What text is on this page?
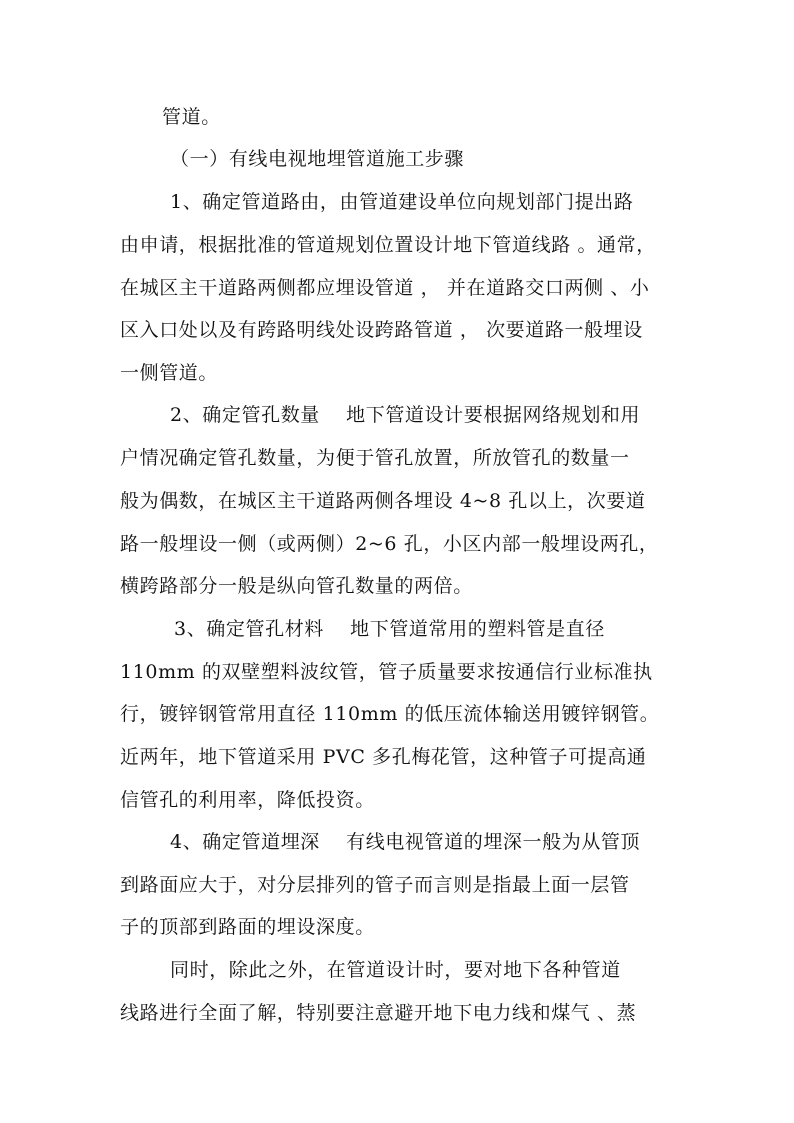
管道。
（一）有线电视地埋管道施工步骤
1、确定管道路由，由管道建设单位向规划部门提出路
由申请，根据批准的管道规划位置设计地下管道线路 。通常，
在城区主干道路两侧都应埋设管道 ， 并在道路交口两侧 、小
区入口处以及有跨路明线处设跨路管道 ， 次要道路一般埋设
一侧管道。
2、确定管孔数量　 地下管道设计要根据网络规划和用
户情况确定管孔数量，为便于管孔放置，所放管孔的数量一
般为偶数，在城区主干道路两侧各埋设 4~8 孔以上，次要道
路一般埋设一侧（或两侧）2~6 孔，小区内部一般埋设两孔，
横跨路部分一般是纵向管孔数量的两倍。
3、确定管孔材料　 地下管道常用的塑料管是直径
110mm 的双壁塑料波纹管，管子质量要求按通信行业标准执
行，镀锌钢管常用直径 110mm 的低压流体输送用镀锌钢管。
近两年，地下管道采用 PVC 多孔梅花管，这种管子可提高通
信管孔的利用率，降低投资。
4、确定管道埋深　 有线电视管道的埋深一般为从管顶
到路面应大于，对分层排列的管子而言则是指最上面一层管
子的顶部到路面的埋设深度。
同时，除此之外，在管道设计时，要对地下各种管道
线路进行全面了解，特别要注意避开地下电力线和煤气 、蒸
